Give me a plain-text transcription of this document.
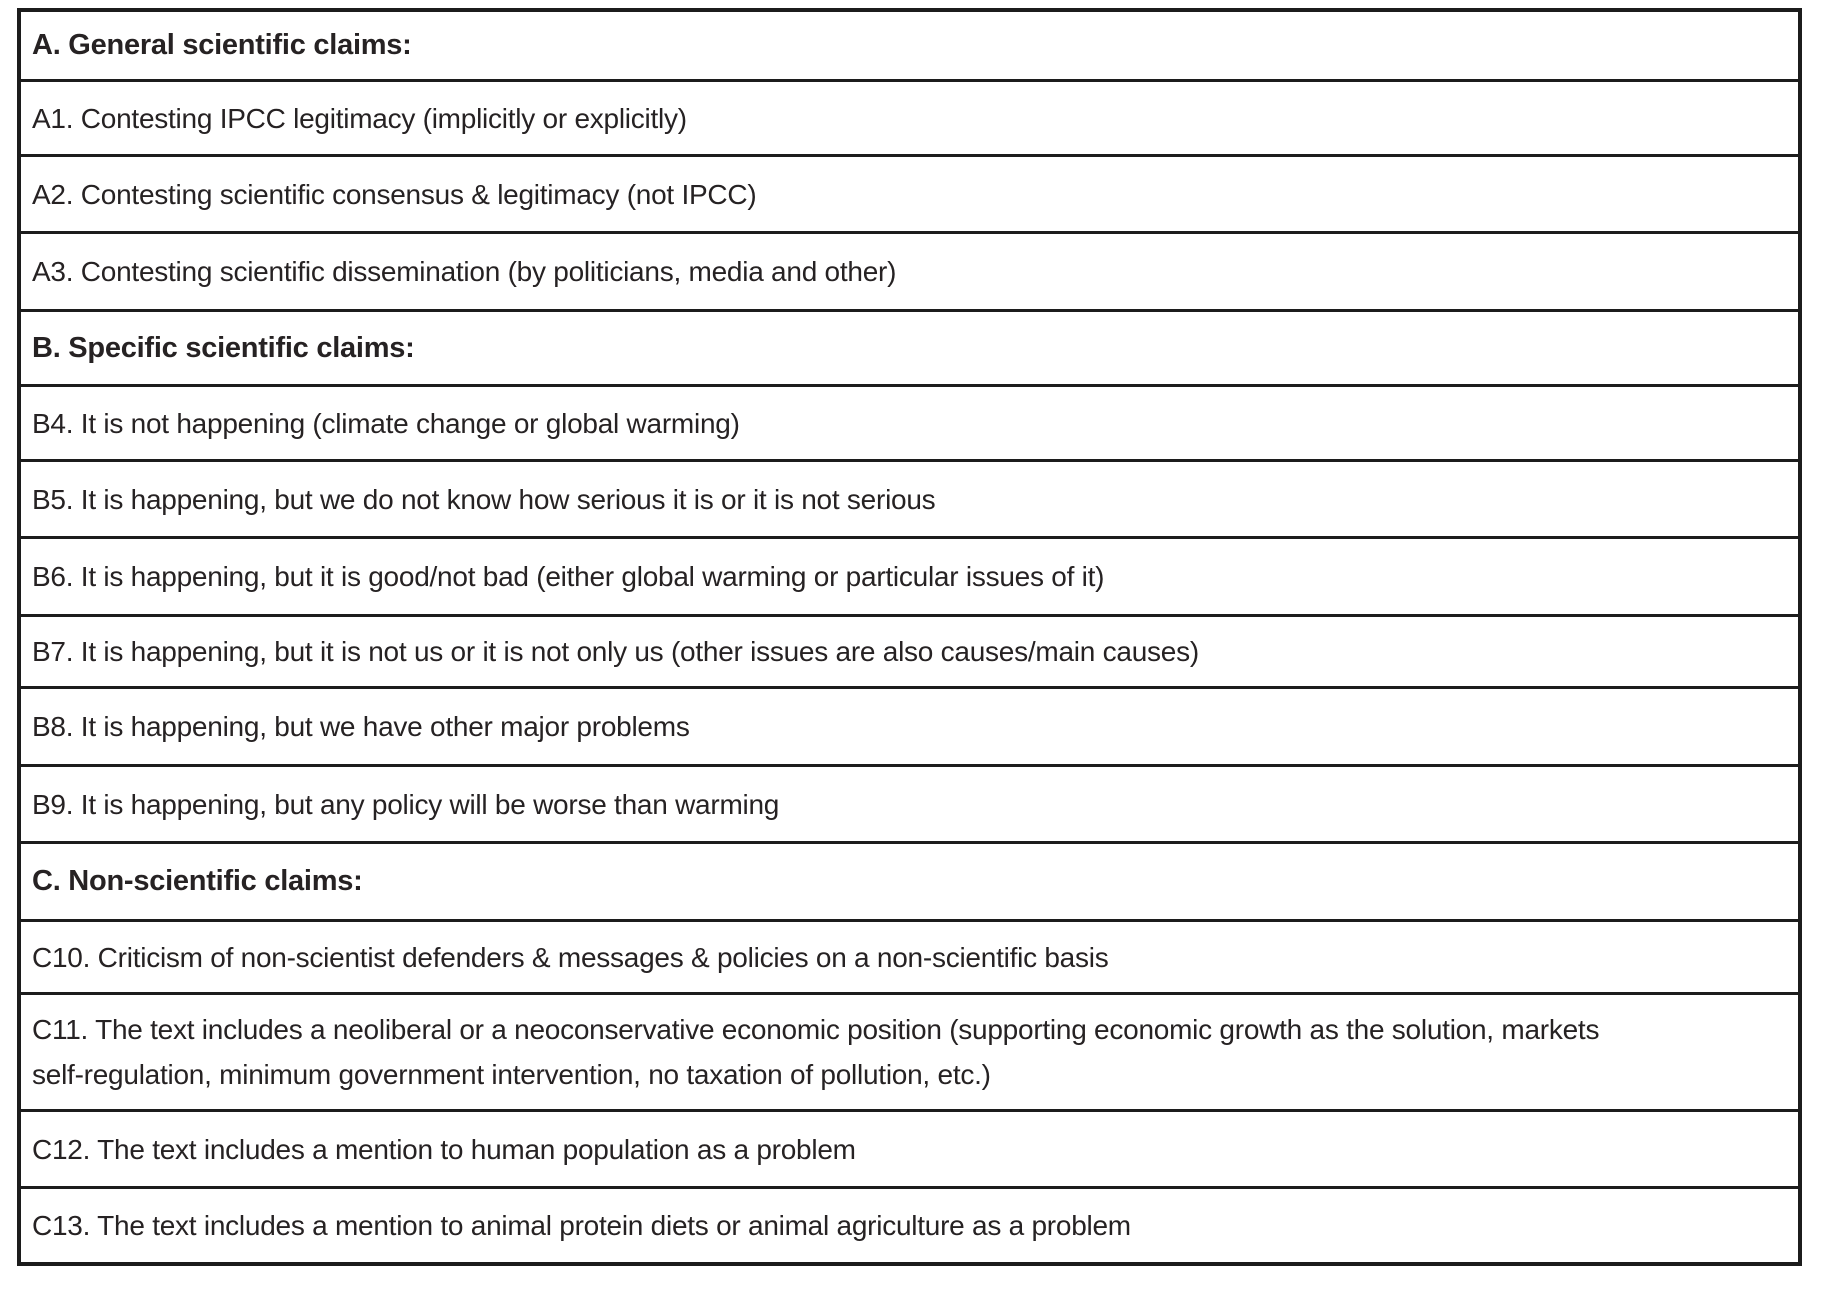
A. General scientific claims:
A1. Contesting IPCC legitimacy (implicitly or explicitly)
A2. Contesting scientific consensus & legitimacy (not IPCC)
A3. Contesting scientific dissemination (by politicians, media and other)
B. Specific scientific claims:
B4. It is not happening (climate change or global warming)
B5. It is happening, but we do not know how serious it is or it is not serious
B6. It is happening, but it is good/not bad (either global warming or particular issues of it)
B7. It is happening, but it is not us or it is not only us (other issues are also causes/main causes)
B8. It is happening, but we have other major problems
B9. It is happening, but any policy will be worse than warming
C. Non-scientific claims:
C10. Criticism of non-scientist defenders & messages & policies on a non-scientific basis
C11. The text includes a neoliberal or a neoconservative economic position (supporting economic growth as the solution, markets
self-regulation, minimum government intervention, no taxation of pollution, etc.)
C12. The text includes a mention to human population as a problem
C13. The text includes a mention to animal protein diets or animal agriculture as a problem
